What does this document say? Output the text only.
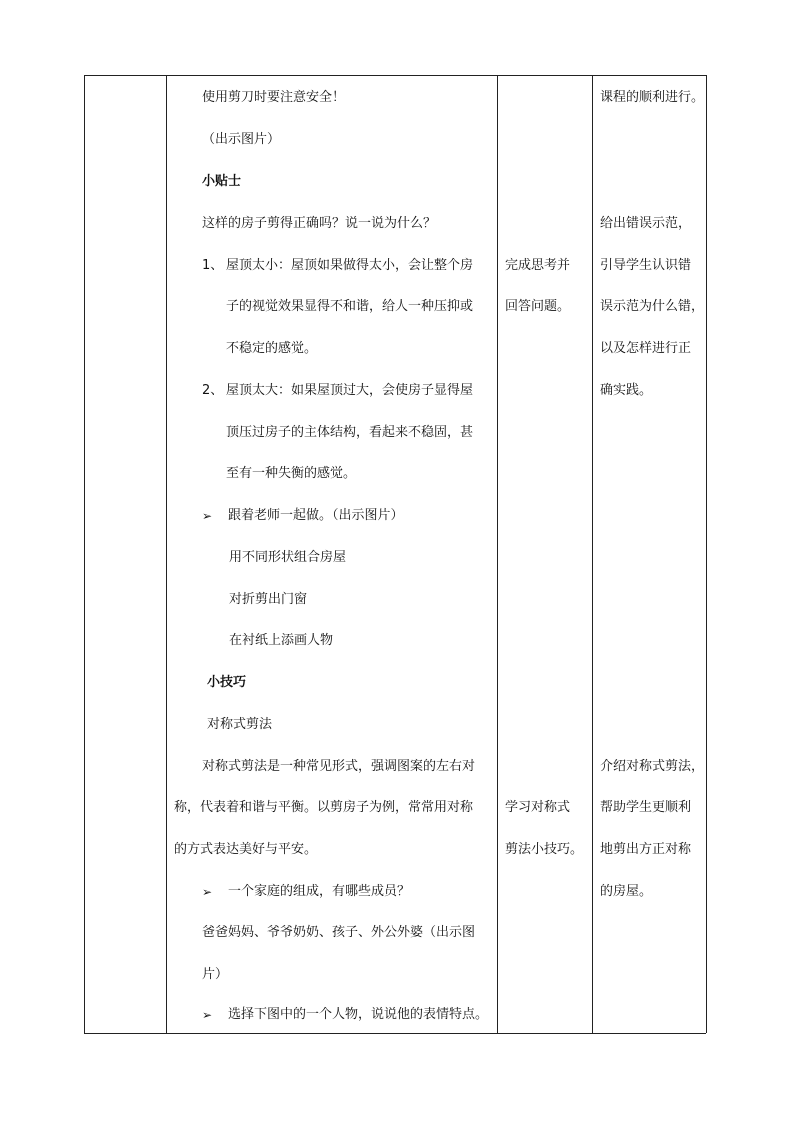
使用剪刀时要注意安全！
（出示图片）
小贴士
这样的房子剪得正确吗？说一说为什么？
1、 屋顶太小：屋顶如果做得太小，会让整个房
子的视觉效果显得不和谐，给人一种压抑或
不稳定的感觉。
2、 屋顶太大：如果屋顶过大，会使房子显得屋
顶压过房子的主体结构，看起来不稳固，甚
至有一种失衡的感觉。
➢ 跟着老师一起做。（出示图片）
用不同形状组合房屋
对折剪出门窗
在衬纸上添画人物
小技巧
对称式剪法
对称式剪法是一种常见形式，强调图案的左右对
称，代表着和谐与平衡。以剪房子为例，常常用对称
的方式表达美好与平安。
➢ 一个家庭的组成，有哪些成员？
爸爸妈妈、爷爷奶奶、孩子、外公外婆（出示图
片）
➢ 选择下图中的一个人物，说说他的表情特点。
完成思考并
回答问题。
学习对称式
剪法小技巧。
课程的顺利进行。
给出错误示范，
引导学生认识错
误示范为什么错，
以及怎样进行正
确实践。
介绍对称式剪法，
帮助学生更顺利
地剪出方正对称
的房屋。
